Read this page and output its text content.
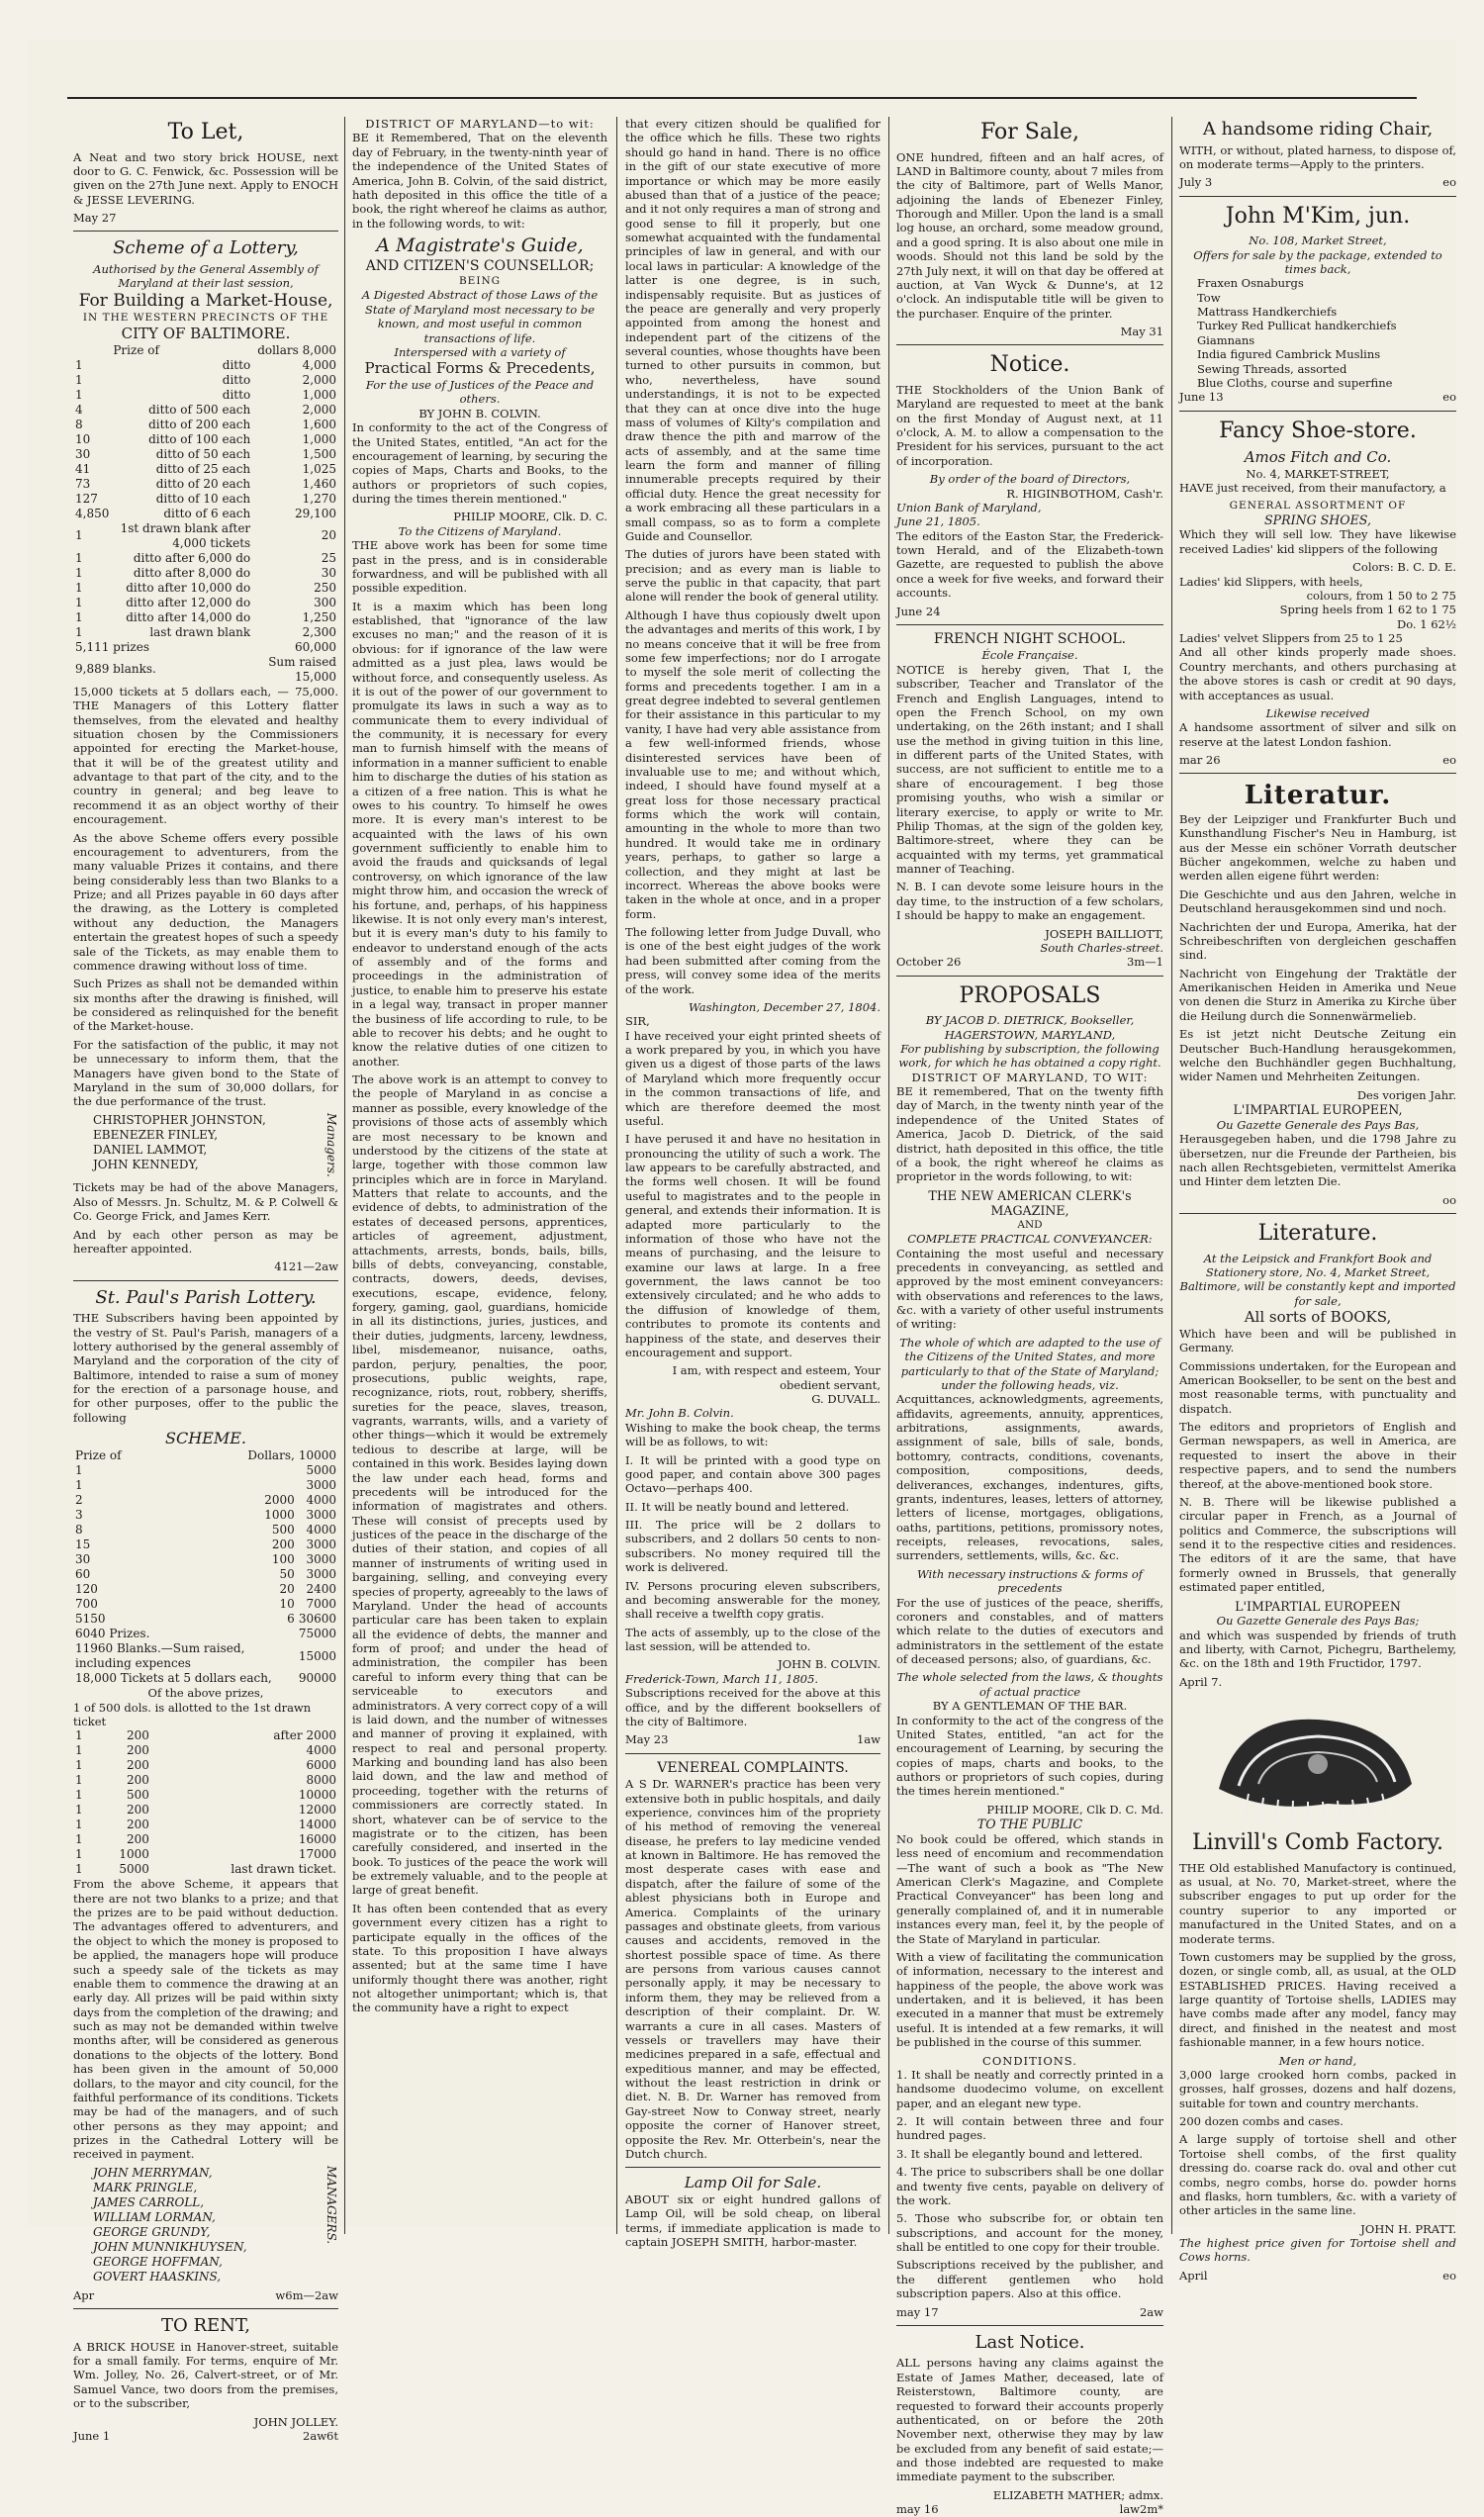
To Let,

A Neat and two story brick HOUSE, next door to G. C. Fenwick, &c. Possession will be given on the 27th June next. Apply to ENOCH & JESSE LEVERING.

May 27
Scheme of a Lottery,
Authorised by the General Assembly of Maryland at their last session,
For Building a Market-House,
IN THE WESTERN PRECINCTS OF THE
CITY OF BALTIMORE.
	Prize of	dollars 8,000
1	ditto	4,000
1	ditto	2,000
1	ditto	1,000
4	ditto of 500 each	2,000
8	ditto of 200 each	1,600
10	ditto of 100 each	1,000
30	ditto of 50 each	1,500
41	ditto of 25 each	1,025
73	ditto of 20 each	1,460
127	ditto of 10 each	1,270
4,850	ditto of 6 each	29,100
1	1st drawn blank after 4,000 tickets	20
1	ditto after 6,000 do	25
1	ditto after 8,000 do	30
1	ditto after 10,000 do	250
1	ditto after 12,000 do	300
1	ditto after 14,000 do	1,250
1	last drawn blank	2,300
5,111 prizes		60,000
9,889 blanks.		Sum raised 15,000

15,000 tickets at 5 dollars each, — 75,000. THE Managers of this Lottery flatter themselves, from the elevated and healthy situation chosen by the Commissioners appointed for erecting the Market-house, that it will be of the greatest utility and advantage to that part of the city, and to the country in general; and beg leave to recommend it as an object worthy of their encouragement.

As the above Scheme offers every possible encouragement to adventurers, from the many valuable Prizes it contains, and there being considerably less than two Blanks to a Prize; and all Prizes payable in 60 days after the drawing, as the Lottery is completed without any deduction, the Managers entertain the greatest hopes of such a speedy sale of the Tickets, as may enable them to commence drawing without loss of time.

Such Prizes as shall not be demanded within six months after the drawing is finished, will be considered as relinquished for the benefit of the Market-house.

For the satisfaction of the public, it may not be unnecessary to inform them, that the Managers have given bond to the State of Maryland in the sum of 30,000 dollars, for the due performance of the trust.

CHRISTOPHER JOHNSTON,
EBENEZER FINLEY,
DANIEL LAMMOT,
JOHN KENNEDY,	Managers.

Tickets may be had of the above Managers, Also of Messrs. Jn. Schultz, M. & P. Colwell & Co. George Frick, and James Kerr.

And by each other person as may be hereafter appointed.

4121—2aw
St. Paul's Parish Lottery.

THE Subscribers having been appointed by the vestry of St. Paul's Parish, managers of a lottery authorised by the general assembly of Maryland and the corporation of the city of Baltimore, intended to raise a sum of money for the erection of a parsonage house, and for other purposes, offer to the public the following

SCHEME.
Prize of	Dollars,	10000
1		5000
1		3000
2	2000	4000
3	1000	3000
8	500	4000
15	200	3000
30	100	3000
60	50	3000
120	20	2400
700	10	7000
5150	6	30600
6040 Prizes.		75000
11960 Blanks.—Sum raised, including expences		15000
18,000 Tickets at 5 dollars each,		90000
Of the above prizes,
1 of 500 dols. is allotted to the 1st drawn ticket
1	200	after 2000
1	200	4000
1	200	6000
1	200	8000
1	500	10000
1	200	12000
1	200	14000
1	200	16000
1	1000	17000
1	5000	last drawn ticket.

From the above Scheme, it appears that there are not two blanks to a prize; and that the prizes are to be paid without deduction. The advantages offered to adventurers, and the object to which the money is proposed to be applied, the managers hope will produce such a speedy sale of the tickets as may enable them to commence the drawing at an early day. All prizes will be paid within sixty days from the completion of the drawing; and such as may not be demanded within twelve months after, will be considered as generous donations to the objects of the lottery. Bond has been given in the amount of 50,000 dollars, to the mayor and city council, for the faithful performance of its conditions. Tickets may be had of the managers, and of such other persons as they may appoint; and prizes in the Cathedral Lottery will be received in payment.

JOHN MERRYMAN,
MARK PRINGLE,
JAMES CARROLL,
WILLIAM LORMAN,
GEORGE GRUNDY,
JOHN MUNNIKHUYSEN,
GEORGE HOFFMAN,
GOVERT HAASKINS,
MANAGERS.
Apr	w6m—2aw
TO RENT,

A BRICK HOUSE in Hanover-street, suitable for a small family. For terms, enquire of Mr. Wm. Jolley, No. 26, Calvert-street, or of Mr. Samuel Vance, two doors from the premises, or to the subscriber,

JOHN JOLLEY.
June 1	2aw6t
DISTRICT OF MARYLAND—to wit:

BE it Remembered, That on the eleventh day of February, in the twenty-ninth year of the independence of the United States of America, John B. Colvin, of the said district, hath deposited in this office the title of a book, the right whereof he claims as author, in the following words, to wit:

A Magistrate's Guide,
AND CITIZEN'S COUNSELLOR;
BEING
A Digested Abstract of those Laws of the State of Maryland most necessary to be known, and most useful in common transactions of life.
Interspersed with a variety of
Practical Forms & Precedents,
For the use of Justices of the Peace and others.
BY JOHN B. COLVIN.

In conformity to the act of the Congress of the United States, entitled, "An act for the encouragement of learning, by securing the copies of Maps, Charts and Books, to the authors or proprietors of such copies, during the times therein mentioned."

PHILIP MOORE, Clk. D. C.
To the Citizens of Maryland.

THE above work has been for some time past in the press, and is in considerable forwardness, and will be published with all possible expedition.

It is a maxim which has been long established, that "ignorance of the law excuses no man;" and the reason of it is obvious: for if ignorance of the law were admitted as a just plea, laws would be without force, and consequently useless. As it is out of the power of our government to promulgate its laws in such a way as to communicate them to every individual of the community, it is necessary for every man to furnish himself with the means of information in a manner sufficient to enable him to discharge the duties of his station as a citizen of a free nation. This is what he owes to his country. To himself he owes more. It is every man's interest to be acquainted with the laws of his own government sufficiently to enable him to avoid the frauds and quicksands of legal controversy, on which ignorance of the law might throw him, and occasion the wreck of his fortune, and, perhaps, of his happiness likewise. It is not only every man's interest, but it is every man's duty to his family to endeavor to understand enough of the acts of assembly and of the forms and proceedings in the administration of justice, to enable him to preserve his estate in a legal way, transact in proper manner the business of life according to rule, to be able to recover his debts; and he ought to know the relative duties of one citizen to another.

The above work is an attempt to convey to the people of Maryland in as concise a manner as possible, every knowledge of the provisions of those acts of assembly which are most necessary to be known and understood by the citizens of the state at large, together with those common law principles which are in force in Maryland. Matters that relate to accounts, and the evidence of debts, to administration of the estates of deceased persons, apprentices, articles of agreement, adjustment, attachments, arrests, bonds, bails, bills, bills of debts, conveyancing, constable, contracts, dowers, deeds, devises, executions, escape, evidence, felony, forgery, gaming, gaol, guardians, homicide in all its distinctions, juries, justices, and their duties, judgments, larceny, lewdness, libel, misdemeanor, nuisance, oaths, pardon, perjury, penalties, the poor, prosecutions, public weights, rape, recognizance, riots, rout, robbery, sheriffs, sureties for the peace, slaves, treason, vagrants, warrants, wills, and a variety of other things—which it would be extremely tedious to describe at large, will be contained in this work. Besides laying down the law under each head, forms and precedents will be introduced for the information of magistrates and others. These will consist of precepts used by justices of the peace in the discharge of the duties of their station, and copies of all manner of instruments of writing used in bargaining, selling, and conveying every species of property, agreeably to the laws of Maryland. Under the head of accounts particular care has been taken to explain all the evidence of debts, the manner and form of proof; and under the head of administration, the compiler has been careful to inform every thing that can be serviceable to executors and administrators. A very correct copy of a will is laid down, and the number of witnesses and manner of proving it explained, with respect to real and personal property. Marking and bounding land has also been laid down, and the law and method of proceeding, together with the returns of commissioners are correctly stated. In short, whatever can be of service to the magistrate or to the citizen, has been carefully considered, and inserted in the book. To justices of the peace the work will be extremely valuable, and to the people at large of great benefit.

It has often been contended that as every government every citizen has a right to participate equally in the offices of the state. To this proposition I have always assented; but at the same time I have uniformly thought there was another, right not altogether unimportant; which is, that the community have a right to expect

that every citizen should be qualified for the office which he fills. These two rights should go hand in hand. There is no office in the gift of our state executive of more importance or which may be more easily abused than that of a justice of the peace; and it not only requires a man of strong and good sense to fill it properly, but one somewhat acquainted with the fundamental principles of law in general, and with our local laws in particular: A knowledge of the latter is one degree, is in such, indispensably requisite. But as justices of the peace are generally and very properly appointed from among the honest and independent part of the citizens of the several counties, whose thoughts have been turned to other pursuits in common, but who, nevertheless, have sound understandings, it is not to be expected that they can at once dive into the huge mass of volumes of Kilty's compilation and draw thence the pith and marrow of the acts of assembly, and at the same time learn the form and manner of filling innumerable precepts required by their official duty. Hence the great necessity for a work embracing all these particulars in a small compass, so as to form a complete Guide and Counsellor.

The duties of jurors have been stated with precision; and as every man is liable to serve the public in that capacity, that part alone will render the book of general utility.

Although I have thus copiously dwelt upon the advantages and merits of this work, I by no means conceive that it will be free from some few imperfections; nor do I arrogate to myself the sole merit of collecting the forms and precedents together. I am in a great degree indebted to several gentlemen for their assistance in this particular to my vanity, I have had very able assistance from a few well-informed friends, whose disinterested services have been of invaluable use to me; and without which, indeed, I should have found myself at a great loss for those necessary practical forms which the work will contain, amounting in the whole to more than two hundred. It would take me in ordinary years, perhaps, to gather so large a collection, and they might at last be incorrect. Whereas the above books were taken in the whole at once, and in a proper form.

The following letter from Judge Duvall, who is one of the best eight judges of the work had been submitted after coming from the press, will convey some idea of the merits of the work.

Washington, December 27, 1804.
SIR,

I have received your eight printed sheets of a work prepared by you, in which you have given us a digest of those parts of the laws of Maryland which more frequently occur in the common transactions of life, and which are therefore deemed the most useful.

I have perused it and have no hesitation in pronouncing the utility of such a work. The law appears to be carefully abstracted, and the forms well chosen. It will be found useful to magistrates and to the people in general, and extends their information. It is adapted more particularly to the information of those who have not the means of purchasing, and the leisure to examine our laws at large. In a free government, the laws cannot be too extensively circulated; and he who adds to the diffusion of knowledge of them, contributes to promote its contents and happiness of the state, and deserves their encouragement and support.

I am, with respect and esteem, Your obedient servant,
G. DUVALL.
Mr. John B. Colvin.

Wishing to make the book cheap, the terms will be as follows, to wit:

I. It will be printed with a good type on good paper, and contain above 300 pages Octavo—perhaps 400.

II. It will be neatly bound and lettered.

III. The price will be 2 dollars to subscribers, and 2 dollars 50 cents to non-subscribers. No money required till the work is delivered.

IV. Persons procuring eleven subscribers, and becoming answerable for the money, shall receive a twelfth copy gratis.

The acts of assembly, up to the close of the last session, will be attended to.

JOHN B. COLVIN.
Frederick-Town, March 11, 1805.

Subscriptions received for the above at this office, and by the different booksellers of the city of Baltimore.

May 23	1aw
VENEREAL COMPLAINTS.

A S Dr. WARNER's practice has been very extensive both in public hospitals, and daily experience, convinces him of the propriety of his method of removing the venereal disease, he prefers to lay medicine vended at known in Baltimore. He has removed the most desperate cases with ease and dispatch, after the failure of some of the ablest physicians both in Europe and America. Complaints of the urinary passages and obstinate gleets, from various causes and accidents, removed in the shortest possible space of time. As there are persons from various causes cannot personally apply, it may be necessary to inform them, they may be relieved from a description of their complaint. Dr. W. warrants a cure in all cases. Masters of vessels or travellers may have their medicines prepared in a safe, effectual and expeditious manner, and may be effected, without the least restriction in drink or diet. N. B. Dr. Warner has removed from Gay-street Now to Conway street, nearly opposite the corner of Hanover street, opposite the Rev. Mr. Otterbein's, near the Dutch church.

Lamp Oil for Sale.

ABOUT six or eight hundred gallons of Lamp Oil, will be sold cheap, on liberal terms, if immediate application is made to captain JOSEPH SMITH, harbor-master.

For Sale,

ONE hundred, fifteen and an half acres, of LAND in Baltimore county, about 7 miles from the city of Baltimore, part of Wells Manor, adjoining the lands of Ebenezer Finley, Thorough and Miller. Upon the land is a small log house, an orchard, some meadow ground, and a good spring. It is also about one mile in woods. Should not this land be sold by the 27th July next, it will on that day be offered at auction, at Van Wyck & Dunne's, at 12 o'clock. An indisputable title will be given to the purchaser. Enquire of the printer.

May 31
Notice.

THE Stockholders of the Union Bank of Maryland are requested to meet at the bank on the first Monday of August next, at 11 o'clock, A. M. to allow a compensation to the President for his services, pursuant to the act of incorporation.

By order of the board of Directors,
R. HIGINBOTHOM, Cash'r.
Union Bank of Maryland,
June 21, 1805.

The editors of the Easton Star, the Frederick-town Herald, and of the Elizabeth-town Gazette, are requested to publish the above once a week for five weeks, and forward their accounts.

June 24
FRENCH NIGHT SCHOOL.
École Française.

NOTICE is hereby given, That I, the subscriber, Teacher and Translator of the French and English Languages, intend to open the French School, on my own undertaking, on the 26th instant; and I shall use the method in giving tuition in this line, in different parts of the United States, with success, are not sufficient to entitle me to a share of encouragement. I beg those promising youths, who wish a similar or literary exercise, to apply or write to Mr. Philip Thomas, at the sign of the golden key, Baltimore-street, where they can be acquainted with my terms, yet grammatical manner of Teaching.

N. B. I can devote some leisure hours in the day time, to the instruction of a few scholars, I should be happy to make an engagement.

JOSEPH BAILLIOTT,
South Charles-street.
October 26	3m—1
PROPOSALS
BY JACOB D. DIETRICK, Bookseller, HAGERSTOWN, MARYLAND,
For publishing by subscription, the following work, for which he has obtained a copy right.
DISTRICT OF MARYLAND, TO WIT:

BE it remembered, That on the twenty fifth day of March, in the twenty ninth year of the independence of the United States of America, Jacob D. Dietrick, of the said district, hath deposited in this office, the title of a book, the right whereof he claims as proprietor in the words following, to wit:

THE NEW AMERICAN CLERK's MAGAZINE,
AND
COMPLETE PRACTICAL CONVEYANCER:

Containing the most useful and necessary precedents in conveyancing, as settled and approved by the most eminent conveyancers: with observations and references to the laws, &c. with a variety of other useful instruments of writing:

The whole of which are adapted to the use of the Citizens of the United States, and more particularly to that of the State of Maryland; under the following heads, viz.

Acquittances, acknowledgments, agreements, affidavits, agreements, annuity, apprentices, arbitrations, assignments, awards, assignment of sale, bills of sale, bonds, bottomry, contracts, conditions, covenants, composition, compositions, deeds, deliverances, exchanges, indentures, gifts, grants, indentures, leases, letters of attorney, letters of license, mortgages, obligations, oaths, partitions, petitions, promissory notes, receipts, releases, revocations, sales, surrenders, settlements, wills, &c. &c.

With necessary instructions & forms of precedents

For the use of justices of the peace, sheriffs, coroners and constables, and of matters which relate to the duties of executors and administrators in the settlement of the estate of deceased persons; also, of guardians, &c.

The whole selected from the laws, & thoughts of actual practice
BY A GENTLEMAN OF THE BAR.

In conformity to the act of the congress of the United States, entitled, "an act for the encouragement of Learning, by securing the copies of maps, charts and books, to the authors or proprietors of such copies, during the times herein mentioned."

PHILIP MOORE, Clk D. C. Md.
TO THE PUBLIC

No book could be offered, which stands in less need of encomium and recommendation—The want of such a book as "The New American Clerk's Magazine, and Complete Practical Conveyancer" has been long and generally complained of, and it in numerable instances every man, feel it, by the people of the State of Maryland in particular.

With a view of facilitating the communication of information, necessary to the interest and happiness of the people, the above work was undertaken, and it is believed, it has been executed in a manner that must be extremely useful. It is intended at a few remarks, it will be published in the course of this summer.

CONDITIONS.

1. It shall be neatly and correctly printed in a handsome duodecimo volume, on excellent paper, and an elegant new type.

2. It will contain between three and four hundred pages.

3. It shall be elegantly bound and lettered.

4. The price to subscribers shall be one dollar and twenty five cents, payable on delivery of the work.

5. Those who subscribe for, or obtain ten subscriptions, and account for the money, shall be entitled to one copy for their trouble.

Subscriptions received by the publisher, and the different gentlemen who hold subscription papers. Also at this office.

may 17	2aw
Last Notice.

ALL persons having any claims against the Estate of James Mather, deceased, late of Reisterstown, Baltimore county, are requested to forward their accounts properly authenticated, on or before the 20th November next, otherwise they may by law be excluded from any benefit of said estate;—and those indebted are requested to make immediate payment to the subscriber.

ELIZABETH MATHER; admx.
may 16	law2m*
A handsome riding Chair,

WITH, or without, plated harness, to dispose of, on moderate terms—Apply to the printers.

July 3	eo
John M'Kim, jun.
No. 108, Market Street,
Offers for sale by the package, extended to times back,
Fraxen Osnaburgs
Tow
Mattrass Handkerchiefs
Turkey Red Pullicat handkerchiefs
Giamnans
India figured Cambrick Muslins
Sewing Threads, assorted
Blue Cloths, course and superfine
June 13	eo
Fancy Shoe-store.
Amos Fitch and Co.
No. 4, MARKET-STREET,

HAVE just received, from their manufactory, a

GENERAL ASSORTMENT OF
SPRING SHOES,

Which they will sell low. They have likewise received Ladies' kid slippers of the following

Colors: B. C. D. E.
Ladies' kid Slippers, with heels,
colours, from 1 50 to 2 75
Spring heels from 1 62 to 1 75
Do. 1 62½
Ladies' velvet Slippers from 25 to 1 25

And all other kinds properly made shoes. Country merchants, and others purchasing at the above stores is cash or credit at 90 days, with acceptances as usual.

Likewise received

A handsome assortment of silver and silk on reserve at the latest London fashion.

mar 26	eo
Literatur.

Bey der Leipziger und Frankfurter Buch und Kunsthandlung Fischer's Neu in Hamburg, ist aus der Messe ein schöner Vorrath deutscher Bücher angekommen, welche zu haben und werden allen eigene führt werden:

Die Geschichte und aus den Jahren, welche in Deutschland herausgekommen sind und noch.

Nachrichten der und Europa, Amerika, hat der Schreibeschriften von dergleichen geschaffen sind.

Nachricht von Eingehung der Traktätle der Amerikanischen Heiden in Amerika und Neue von denen die Sturz in Amerika zu Kirche über die Heilung durch die Sonnenwärmelieb.

Es ist jetzt nicht Deutsche Zeitung ein Deutscher Buch-Handlung herausgekommen, welche den Buchhändler gegen Buchhaltung, wider Namen und Mehrheiten Zeitungen.

Des vorigen Jahr.
L'IMPARTIAL EUROPEEN,
Ou Gazette Generale des Pays Bas,

Herausgegeben haben, und die 1798 Jahre zu übersetzen, nur die Freunde der Partheien, bis nach allen Rechtsgebieten, vermittelst Amerika und Hinter dem letzten Die.

oo
Literature.
At the Leipsick and Frankfort Book and Stationery store, No. 4, Market Street, Baltimore, will be constantly kept and imported for sale,
All sorts of BOOKS,

Which have been and will be published in Germany.

Commissions undertaken, for the European and American Bookseller, to be sent on the best and most reasonable terms, with punctuality and dispatch.

The editors and proprietors of English and German newspapers, as well in America, are requested to insert the above in their respective papers, and to send the numbers thereof, at the above-mentioned book store.

N. B. There will be likewise published a circular paper in French, as a Journal of politics and Commerce, the subscriptions will send it to the respective cities and residences. The editors of it are the same, that have formerly owned in Brussels, that generally estimated paper entitled,

L'IMPARTIAL EUROPEEN
Ou Gazette Generale des Pays Bas;

and which was suspended by friends of truth and liberty, with Carnot, Pichegru, Barthelemy, &c. on the 18th and 19th Fructidor, 1797.

April 7.
Linvill's Comb Factory.

THE Old established Manufactory is continued, as usual, at No. 70, Market-street, where the subscriber engages to put up order for the country superior to any imported or manufactured in the United States, and on a moderate terms.

Town customers may be supplied by the gross, dozen, or single comb, all, as usual, at the OLD ESTABLISHED PRICES. Having received a large quantity of Tortoise shells, LADIES may have combs made after any model, fancy may direct, and finished in the neatest and most fashionable manner, in a few hours notice.

Men or hand,

3,000 large crooked horn combs, packed in grosses, half grosses, dozens and half dozens, suitable for town and country merchants.

200 dozen combs and cases.

A large supply of tortoise shell and other Tortoise shell combs, of the first quality dressing do. coarse rack do. oval and other cut combs, negro combs, horse do. powder horns and flasks, horn tumblers, &c. with a variety of other articles in the same line.

JOHN H. PRATT.

The highest price given for Tortoise shell and Cows horns.

April	eo
